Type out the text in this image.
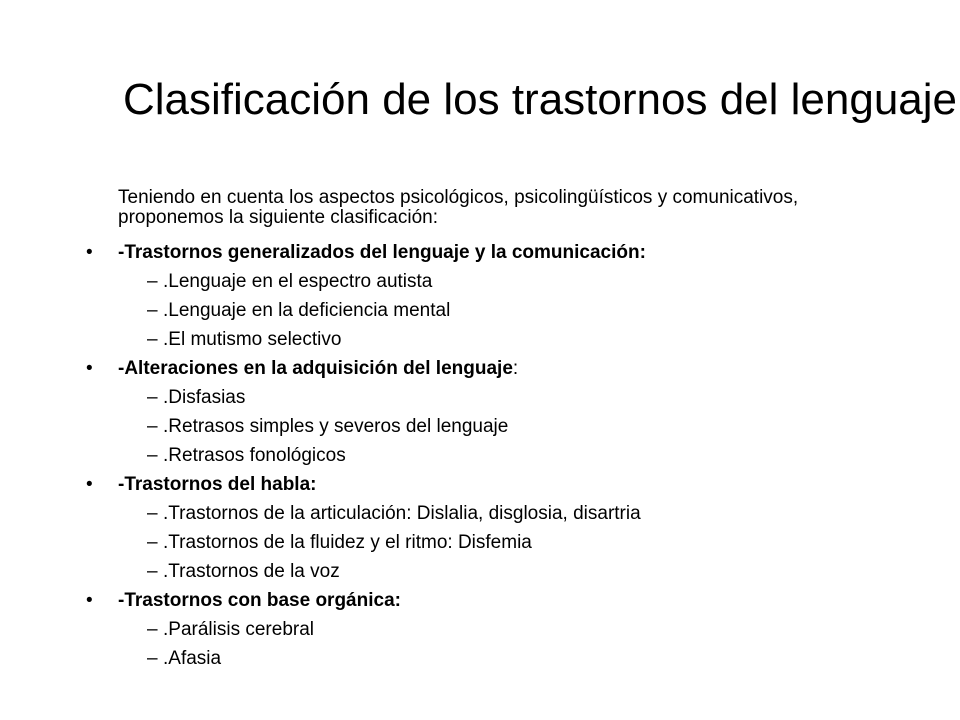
Clasificación de los trastornos del lenguaje

Teniendo en cuenta los aspectos psicológicos, psicolingüísticos y comunicativos, proponemos la siguiente clasificación:

• -Trastornos generalizados del lenguaje y la comunicación:
– .Lenguaje en el espectro autista
– .Lenguaje en la deficiencia mental
– .El mutismo selectivo
• -Alteraciones en la adquisición del lenguaje:
– .Disfasias
– .Retrasos simples y severos del lenguaje
– .Retrasos fonológicos
• -Trastornos del habla:
– .Trastornos de la articulación: Dislalia, disglosia, disartria
– .Trastornos de la fluidez y el ritmo: Disfemia
– .Trastornos de la voz
• -Trastornos con base orgánica:
– .Parálisis cerebral
– .Afasia
